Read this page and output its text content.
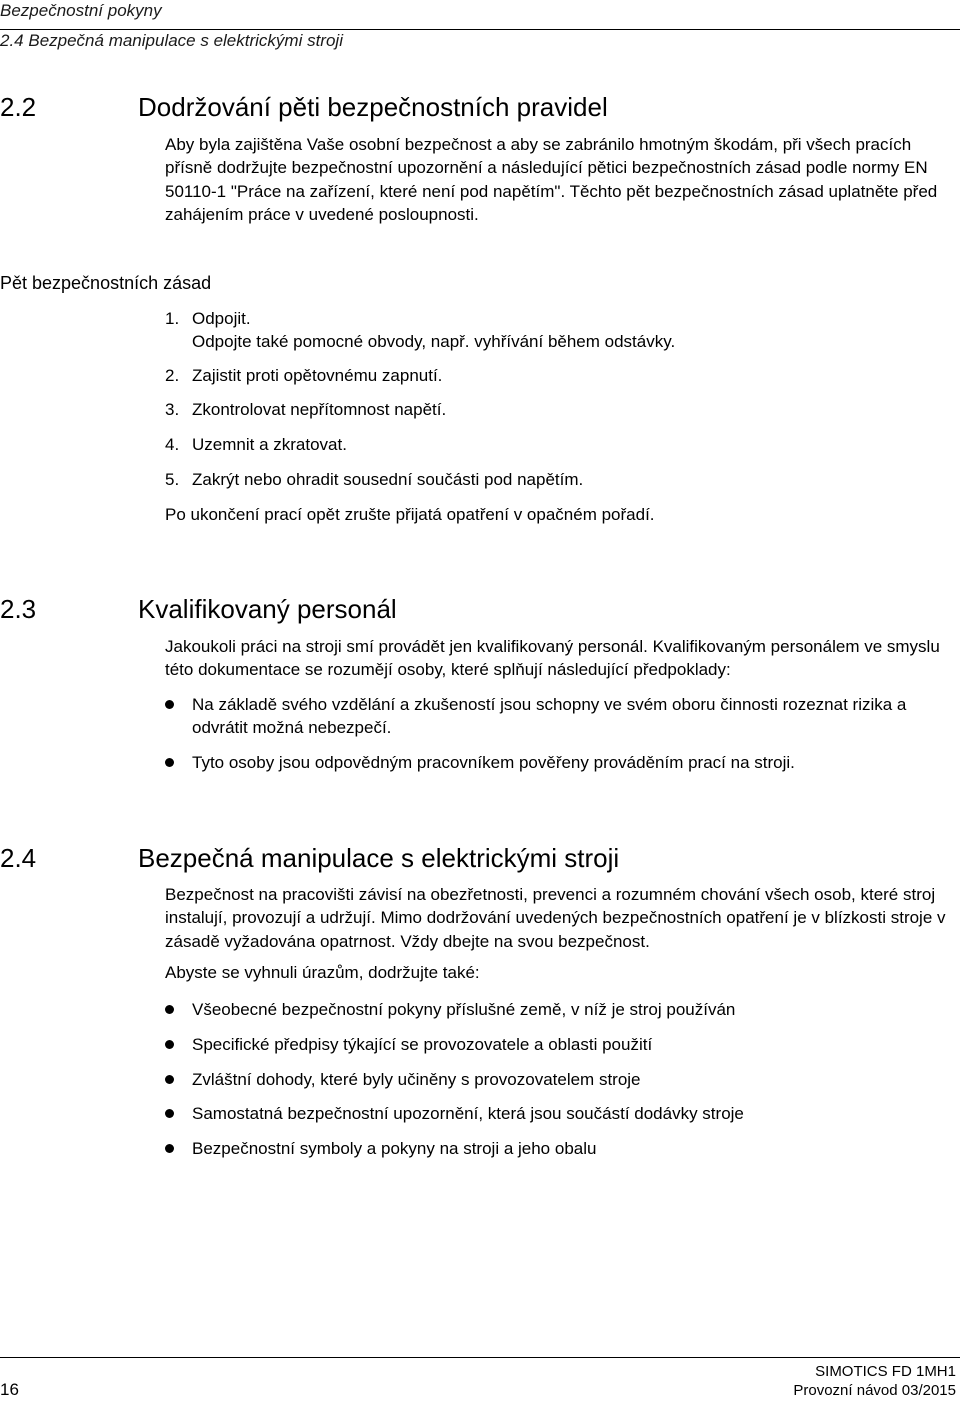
Bezpečnostní pokyny
2.4 Bezpečná manipulace s elektrickými stroji
2.2	Dodržování pěti bezpečnostních pravidel

Aby byla zajištěna Vaše osobní bezpečnost a aby se zabránilo hmotným škodám, při všech pracích přísně dodržujte bezpečnostní upozornění a následující pětici bezpečnostních zásad podle normy EN 50110-1 "Práce na zařízení, které není pod napětím". Těchto pět bezpečnostních zásad uplatněte před zahájením práce v uvedené posloupnosti.

Pět bezpečnostních zásad
1. Odpojit.
Odpojte také pomocné obvody, např. vyhřívání během odstávky.
2. Zajistit proti opětovnému zapnutí.
3. Zkontrolovat nepřítomnost napětí.
4. Uzemnit a zkratovat.
5. Zakrýt nebo ohradit sousední součásti pod napětím.
Po ukončení prací opět zrušte přijatá opatření v opačném pořadí.
2.3	Kvalifikovaný personál

Jakoukoli práci na stroji smí provádět jen kvalifikovaný personál. Kvalifikovaným personálem ve smyslu této dokumentace se rozumějí osoby, které splňují následující předpoklady:

Na základě svého vzdělání a zkušeností jsou schopny ve svém oboru činnosti rozeznat rizika a odvrátit možná nebezpečí.
Tyto osoby jsou odpovědným pracovníkem pověřeny prováděním prací na stroji.
2.4	Bezpečná manipulace s elektrickými stroji

Bezpečnost na pracovišti závisí na obezřetnosti, prevenci a rozumném chování všech osob, které stroj instalují, provozují a udržují. Mimo dodržování uvedených bezpečnostních opatření je v blízkosti stroje v zásadě vyžadována opatrnost. Vždy dbejte na svou bezpečnost.

Abyste se vyhnuli úrazům, dodržujte také:
Všeobecné bezpečnostní pokyny příslušné země, v níž je stroj používán
Specifické předpisy týkající se provozovatele a oblasti použití
Zvláštní dohody, které byly učiněny s provozovatelem stroje
Samostatná bezpečnostní upozornění, která jsou součástí dodávky stroje
Bezpečnostní symboly a pokyny na stroji a jeho obalu
16
SIMOTICS FD 1MH1
Provozní návod 03/2015
